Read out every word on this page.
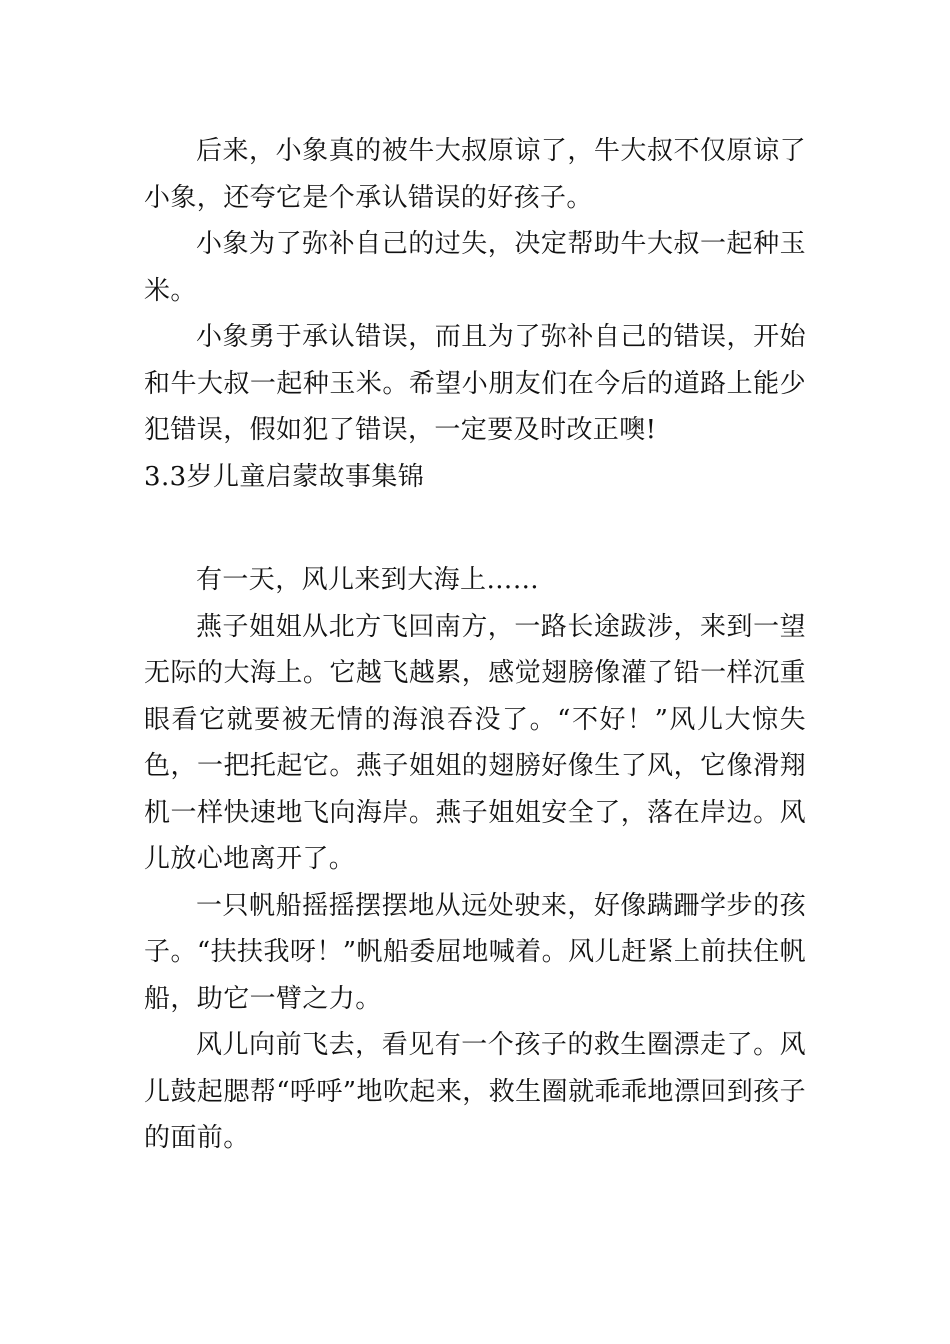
后来，小象真的被牛大叔原谅了，牛大叔不仅原谅了小象，还夸它是个承认错误的好孩子。

小象为了弥补自己的过失，决定帮助牛大叔一起种玉米。

小象勇于承认错误，而且为了弥补自己的错误，开始和牛大叔一起种玉米。希望小朋友们在今后的道路上能少犯错误，假如犯了错误，一定要及时改正噢!

3.3岁儿童启蒙故事集锦

有一天，风儿来到大海上……

燕子姐姐从北方飞回南方，一路长途跋涉，来到一望无际的大海上。它越飞越累，感觉翅膀像灌了铅一样沉重眼看它就要被无情的海浪吞没了。“不好！”风儿大惊失色，一把托起它。燕子姐姐的翅膀好像生了风，它像滑翔机一样快速地飞向海岸。燕子姐姐安全了，落在岸边。风儿放心地离开了。

一只帆船摇摇摆摆地从远处驶来，好像蹒跚学步的孩子。“扶扶我呀！”帆船委屈地喊着。风儿赶紧上前扶住帆船，助它一臂之力。

风儿向前飞去，看见有一个孩子的救生圈漂走了。风儿鼓起腮帮“呼呼”地吹起来，救生圈就乖乖地漂回到孩子的面前。
